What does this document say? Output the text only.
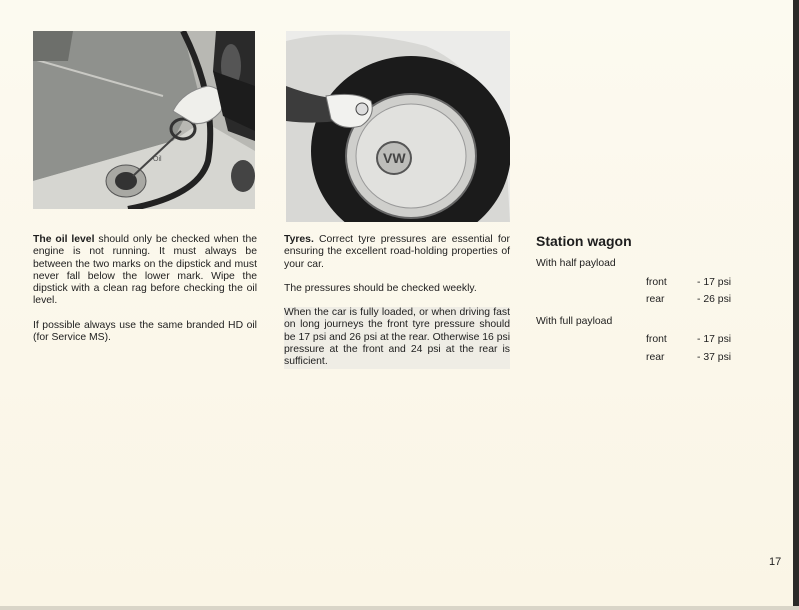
Oil	VW

The oil level should only be checked when the engine is not running. It must always be between the two marks on the dipstick and must never fall below the lower mark. Wipe the dipstick with a clean rag before checking the oil level.

If possible always use the same branded HD oil (for Service MS).

Tyres. Correct tyre pressures are essential for ensuring the excellent road-holding properties of your car.

The pressures should be checked weekly.

When the car is fully loaded, or when driving fast on long journeys the front tyre pressure should be 17 psi and 26 psi at the rear. Otherwise 16 psi pressure at the front and 24 psi at the rear is sufficient.

Station wagon
With half payload
front	- 17 psi
rear	- 26 psi
With full payload
front	- 17 psi
rear	- 37 psi
17
